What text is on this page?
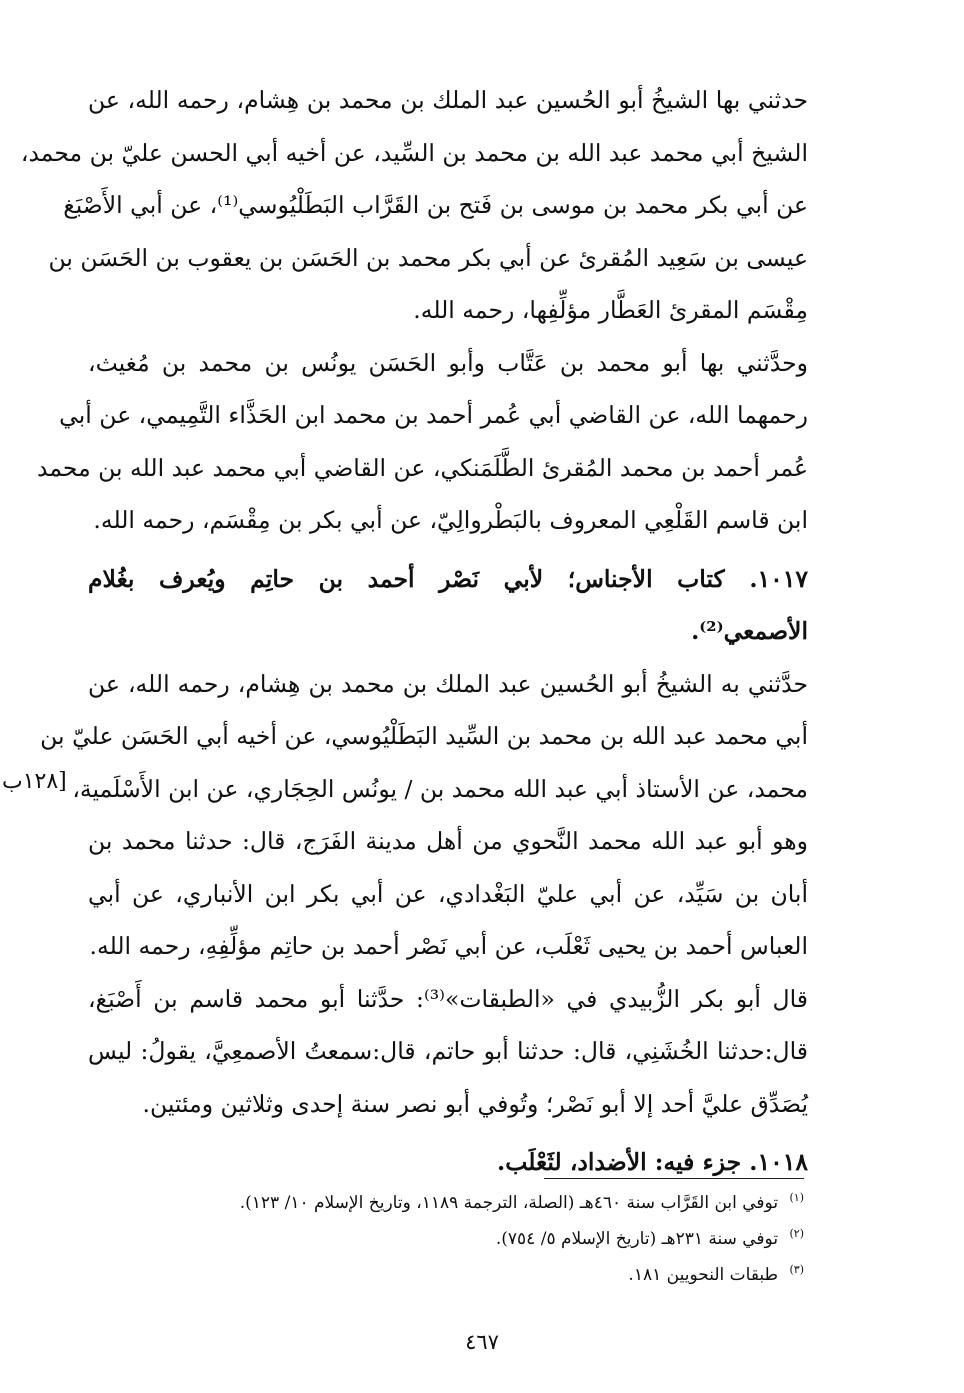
حدثني بها الشيخُ أبو الحُسين عبد الملك بن محمد بن هِشام، رحمه الله، عن
الشيخ أبي محمد عبد الله بن محمد بن السِّيد، عن أخيه أبي الحسن عليّ بن محمد،
عن أبي بكر محمد بن موسى بن فَتح بن القَرَّاب البَطَلْيُوسي⁽¹⁾، عن أبي الأَصْبَغ
عيسى بن سَعِيد المُقرئ عن أبي بكر محمد بن الحَسَن بن يعقوب بن الحَسَن بن
مِقْسَم المقرئ العَطَّار مؤلِّفِها، رحمه الله.
وحدَّثني بها أبو محمد بن عَتَّاب وأبو الحَسَن يونُس بن محمد بن مُغيث،
رحمهما الله، عن القاضي أبي عُمر أحمد بن محمد ابن الحَذَّاء التَّمِيمي، عن أبي
عُمر أحمد بن محمد المُقرئ الطَّلَمَنكي، عن القاضي أبي محمد عبد الله بن محمد
ابن قاسم القَلْعِي المعروف بالبَطْروالِيّ، عن أبي بكر بن مِقْسَم، رحمه الله.
١٠١٧. كتاب الأجناس؛ لأبي نَصْر أحمد بن حاتِم ويُعرف بغُلام
الأصمعي⁽²⁾.
حدَّثني به الشيخُ أبو الحُسين عبد الملك بن محمد بن هِشام، رحمه الله، عن
أبي محمد عبد الله بن محمد بن السِّيد البَطَلْيُوسي، عن أخيه أبي الحَسَن عليّ بن
محمد، عن الأستاذ أبي عبد الله محمد بن / يونُس الحِجَاري، عن ابن الأَسْلَمية،
وهو أبو عبد الله محمد النَّحوي من أهل مدينة الفَرَج، قال: حدثنا محمد بن
أبان بن سَيِّد، عن أبي عليّ البَغْدادي، عن أبي بكر ابن الأنباري، عن أبي
العباس أحمد بن يحيى ثَعْلَب، عن أبي نَصْر أحمد بن حاتِم مؤلِّفِهِ، رحمه الله.
قال أبو بكر الزُّبيدي في «الطبقات»⁽³⁾: حدَّثنا أبو محمد قاسم بن أَصْبَغ،
قال:حدثنا الخُشَنِي، قال: حدثنا أبو حاتم، قال:سمعتُ الأصمعِيَّ، يقولُ: ليس
يُصَدِّق عليَّ أحد إلا أبو نَصْر؛ وتُوفي أبو نصر سنة إحدى وثلاثين ومئتين.
١٠١٨. جزء فيه: الأضداد، لثَعْلَب.
[١٢٨ب
$^{(١)}$ توفي ابن القَرَّاب سنة ٤٦٠هـ (الصلة، الترجمة ١١٨٩، وتاريخ الإسلام ١٠/ ١٢٣).
$^{(٢)}$ توفي سنة ٢٣١هـ (تاريخ الإسلام ٥/ ٧٥٤).
$^{(٣)}$ طبقات النحويين ١٨١.
٤٦٧
